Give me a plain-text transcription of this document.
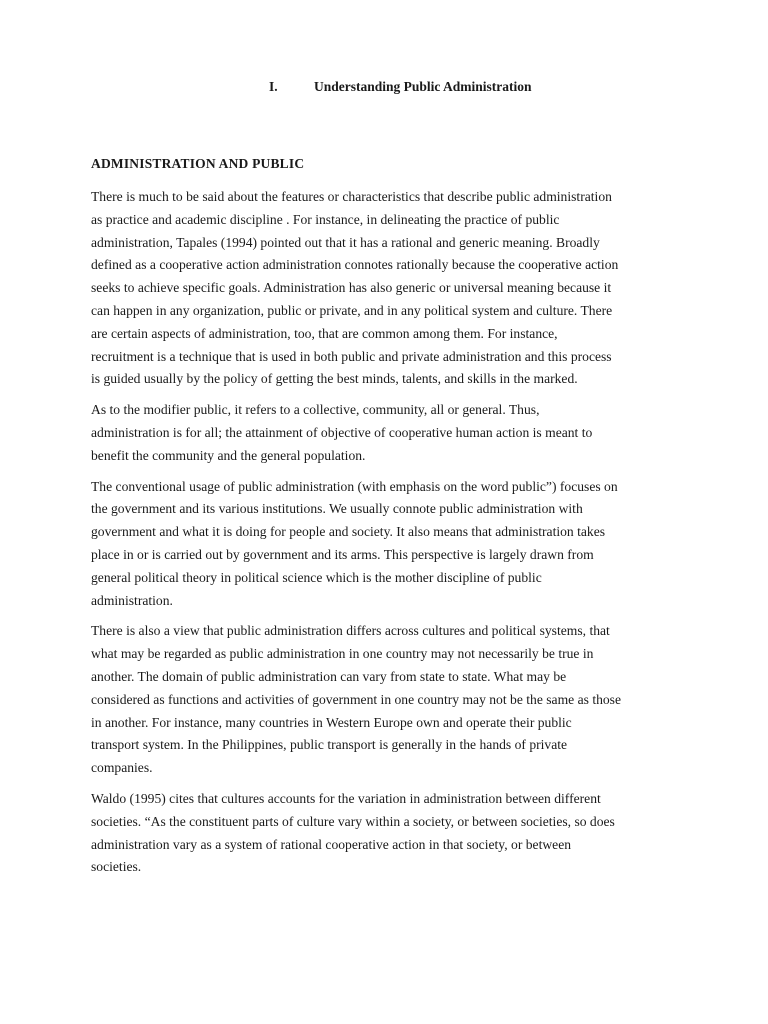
I.	Understanding Public Administration
ADMINISTRATION AND PUBLIC

There is much to be said about the features or characteristics that describe public administration
as practice and academic discipline . For instance, in delineating the practice of public
administration, Tapales (1994) pointed out that it has a rational and generic meaning. Broadly
defined as a cooperative action administration connotes rationally because the cooperative action
seeks to achieve specific goals. Administration has also generic or universal meaning because it
can happen in any organization, public or private, and in any political system and culture. There
are certain aspects of administration, too, that are common among them. For instance,
recruitment is a technique that is used in both public and private administration and this process
is guided usually by the policy of getting the best minds, talents, and skills in the marked.

As to the modifier public, it refers to a collective, community, all or general. Thus,
administration is for all; the attainment of objective of cooperative human action is meant to
benefit the community and the general population.

The conventional usage of public administration (with emphasis on the word public”) focuses on
the government and its various institutions. We usually connote public administration with
government and what it is doing for people and society. It also means that administration takes
place in or is carried out by government and its arms. This perspective is largely drawn from
general political theory in political science which is the mother discipline of public
administration.

There is also a view that public administration differs across cultures and political systems, that
what may be regarded as public administration in one country may not necessarily be true in
another. The domain of public administration can vary from state to state. What may be
considered as functions and activities of government in one country may not be the same as those
in another. For instance, many countries in Western Europe own and operate their public
transport system. In the Philippines, public transport is generally in the hands of private
companies.

Waldo (1995) cites that cultures accounts for the variation in administration between different
societies. “As the constituent parts of culture vary within a society, or between societies, so does
administration vary as a system of rational cooperative action in that society, or between
societies.
